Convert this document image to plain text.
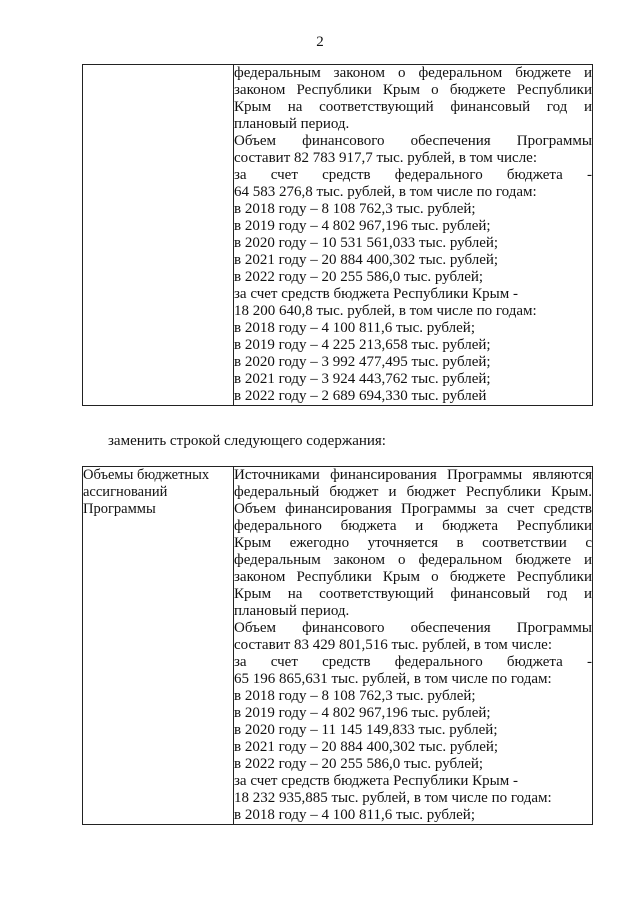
2

федеральным законом о федеральном бюджете и
законом Республики Крым о бюджете Республики
Крым на соответствующий финансовый год и
плановый период.
Объем финансового обеспечения Программы
составит 82 783 917,7 тыс. рублей, в том числе:
за счет средств федерального бюджета -
64 583 276,8 тыс. рублей, в том числе по годам:
в 2018 году – 8 108 762,3 тыс. рублей;
в 2019 году – 4 802 967,196 тыс. рублей;
в 2020 году – 10 531 561,033 тыс. рублей;
в 2021 году – 20 884 400,302 тыс. рублей;
в 2022 году – 20 255 586,0 тыс. рублей;
за счет средств бюджета Республики Крым -
18 200 640,8 тыс. рублей, в том числе по годам:
в 2018 году – 4 100 811,6 тыс. рублей;
в 2019 году – 4 225 213,658 тыс. рублей;
в 2020 году – 3 992 477,495 тыс. рублей;
в 2021 году – 3 924 443,762 тыс. рублей;
в 2022 году – 2 689 694,330 тыс. рублей
заменить строкой следующего содержания:
Объемы бюджетных
ассигнований
Программы

Источниками финансирования Программы являются
федеральный бюджет и бюджет Республики Крым.
Объем финансирования Программы за счет средств
федерального бюджета и бюджета Республики
Крым ежегодно уточняется в соответствии с
федеральным законом о федеральном бюджете и
законом Республики Крым о бюджете Республики
Крым на соответствующий финансовый год и
плановый период.
Объем финансового обеспечения Программы
составит 83 429 801,516 тыс. рублей, в том числе:
за счет средств федерального бюджета -
65 196 865,631 тыс. рублей, в том числе по годам:
в 2018 году – 8 108 762,3 тыс. рублей;
в 2019 году – 4 802 967,196 тыс. рублей;
в 2020 году – 11 145 149,833 тыс. рублей;
в 2021 году – 20 884 400,302 тыс. рублей;
в 2022 году – 20 255 586,0 тыс. рублей;
за счет средств бюджета Республики Крым -
18 232 935,885 тыс. рублей, в том числе по годам:
в 2018 году – 4 100 811,6 тыс. рублей;
